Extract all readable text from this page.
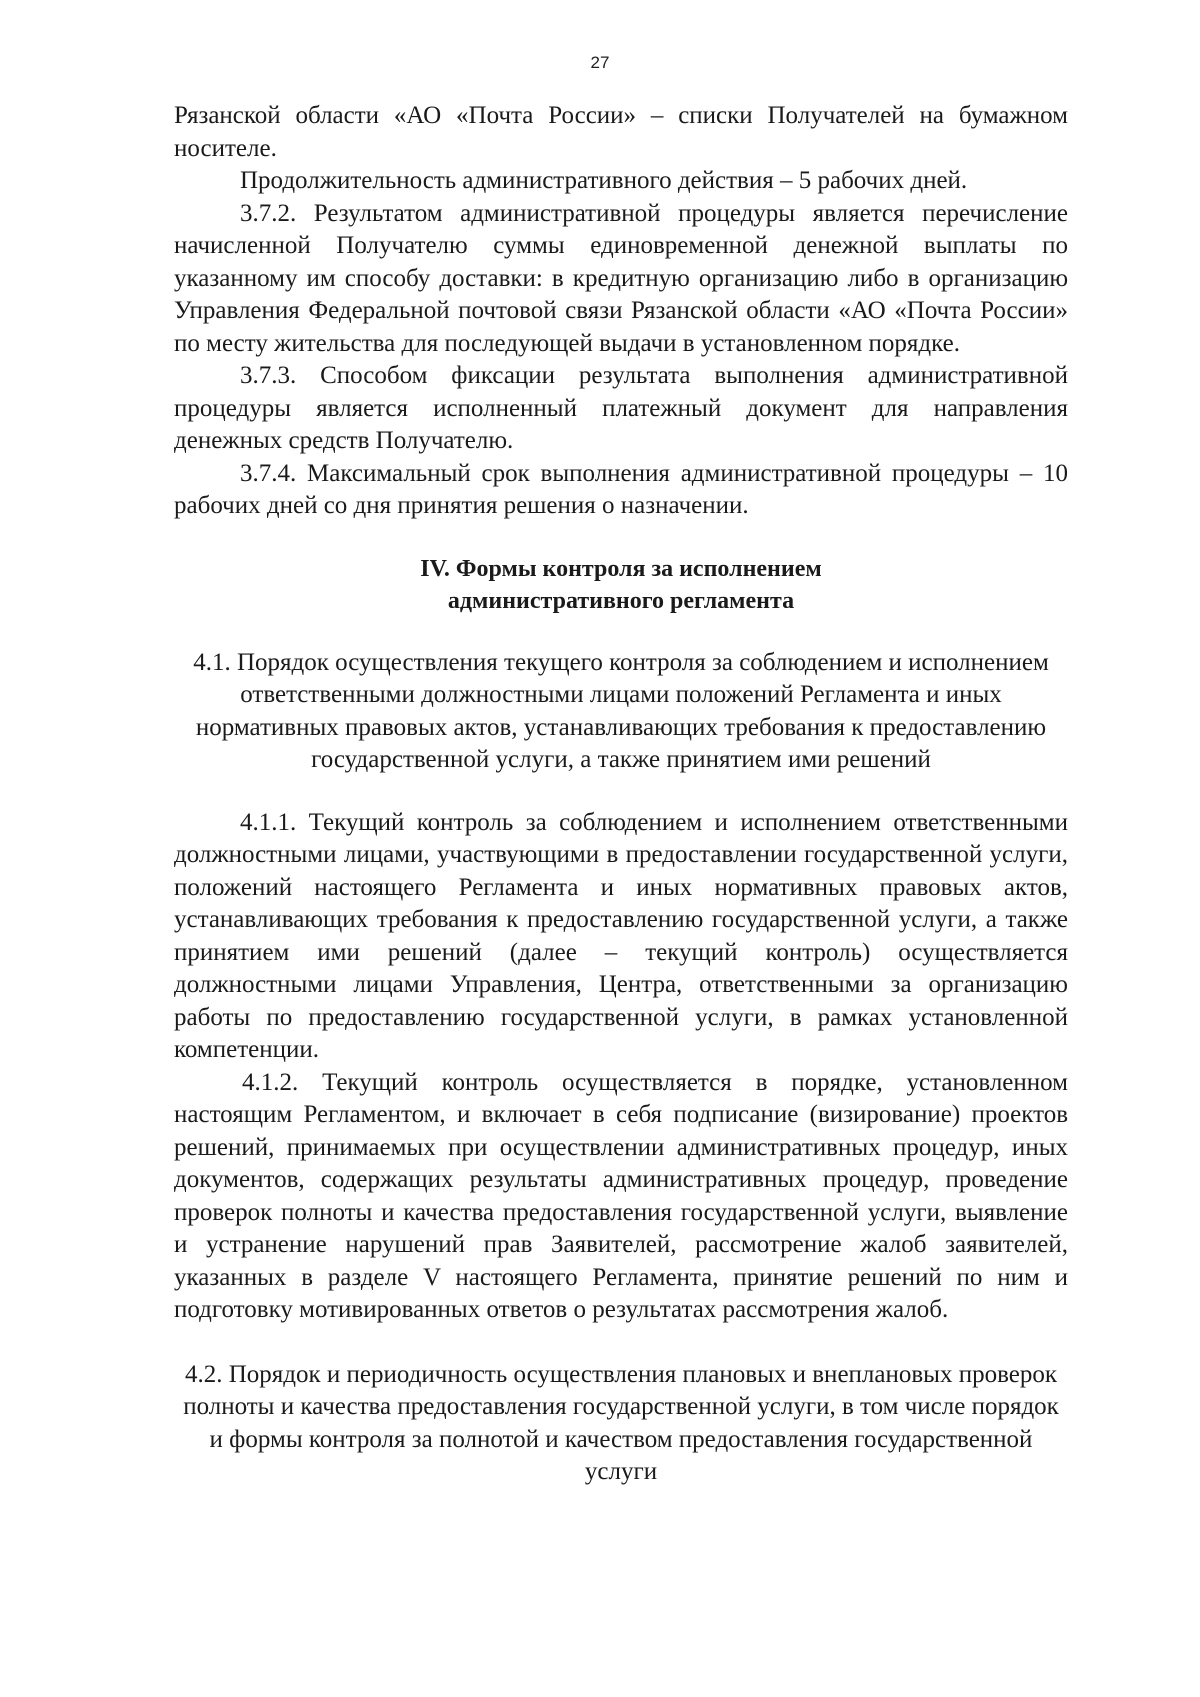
27

Рязанской области «АО «Почта России» – списки Получателей на бумажном носителе.

Продолжительность административного действия – 5 рабочих дней.

3.7.2. Результатом административной процедуры является перечисление начисленной Получателю суммы единовременной денежной выплаты по указанному им способу доставки: в кредитную организацию либо в организацию Управления Федеральной почтовой связи Рязанской области «АО «Почта России» по месту жительства для последующей выдачи в установленном порядке.

3.7.3. Способом фиксации результата выполнения административной процедуры является исполненный платежный документ для направления денежных средств Получателю.

3.7.4. Максимальный срок выполнения административной процедуры – 10 рабочих дней со дня принятия решения о назначении.

IV. Формы контроля за исполнением
административного регламента

4.1. Порядок осуществления текущего контроля за соблюдением и исполнением ответственными должностными лицами положений Регламента и иных нормативных правовых актов, устанавливающих требования к предоставлению государственной услуги, а также принятием ими решений

4.1.1. Текущий контроль за соблюдением и исполнением ответственными должностными лицами, участвующими в предоставлении государственной услуги, положений настоящего Регламента и иных нормативных правовых актов, устанавливающих требования к предоставлению государственной услуги, а также принятием ими решений (далее – текущий контроль) осуществляется должностными лицами Управления, Центра, ответственными за организацию работы по предоставлению государственной услуги, в рамках установленной компетенции.

4.1.2. Текущий контроль осуществляется в порядке, установленном настоящим Регламентом, и включает в себя подписание (визирование) проектов решений, принимаемых при осуществлении административных процедур, иных документов, содержащих результаты административных процедур, проведение проверок полноты и качества предоставления государственной услуги, выявление и устранение нарушений прав Заявителей, рассмотрение жалоб заявителей, указанных в разделе V настоящего Регламента, принятие решений по ним и подготовку мотивированных ответов о результатах рассмотрения жалоб.

4.2. Порядок и периодичность осуществления плановых и внеплановых проверок полноты и качества предоставления государственной услуги, в том числе порядок и формы контроля за полнотой и качеством предоставления государственной услуги
